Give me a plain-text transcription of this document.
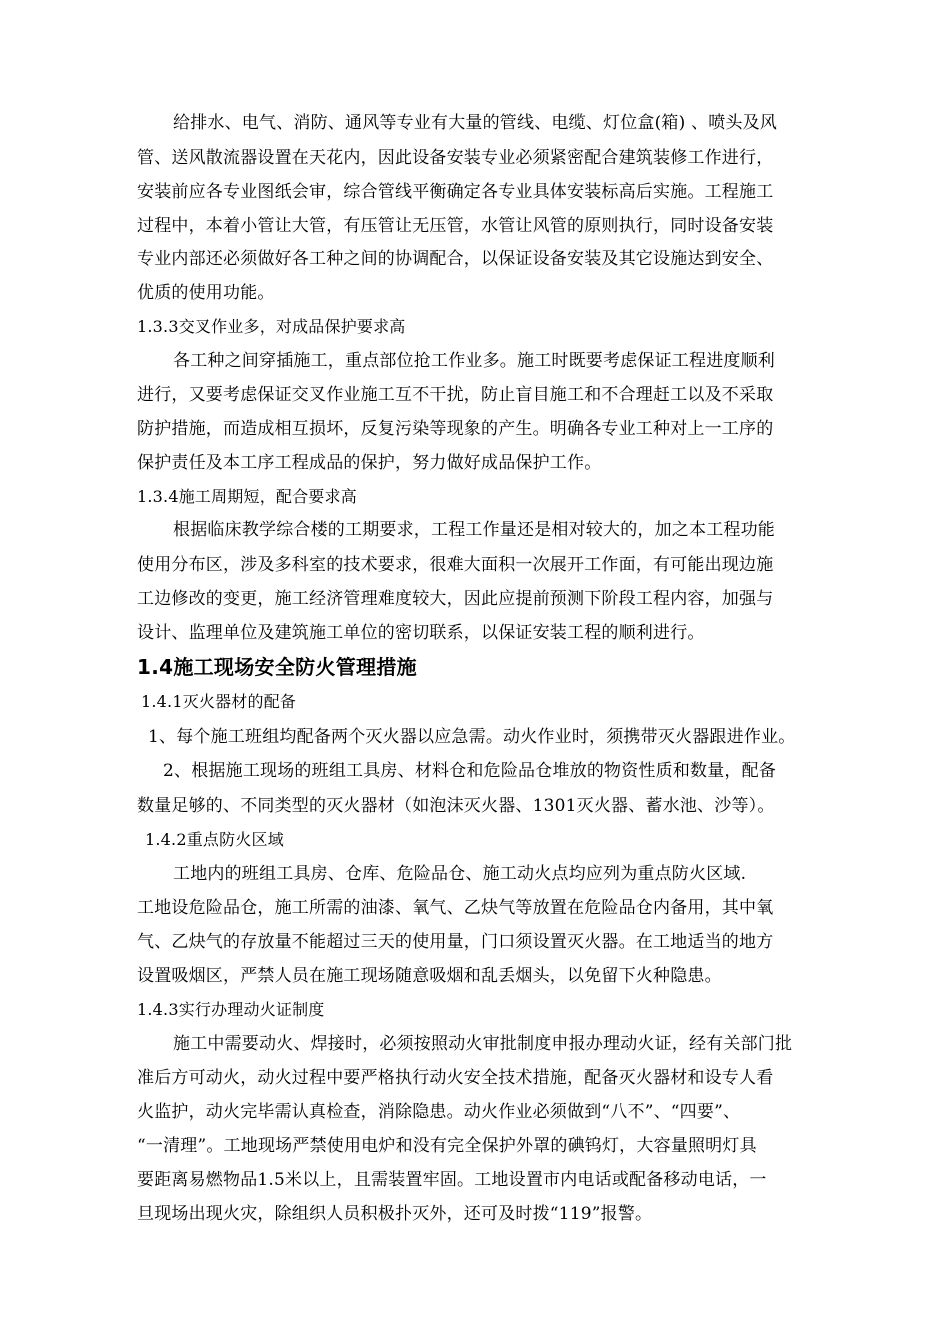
给排水、电气、消防、通风等专业有大量的管线、电缆、灯位盒(箱) 、喷头及风
管、送风散流器设置在天花内，因此设备安装专业必须紧密配合建筑装修工作进行，
安装前应各专业图纸会审，综合管线平衡确定各专业具体安装标高后实施。工程施工
过程中，本着小管让大管，有压管让无压管，水管让风管的原则执行，同时设备安装
专业内部还必须做好各工种之间的协调配合，以保证设备安装及其它设施达到安全、
优质的使用功能。
1.3.3交叉作业多，对成品保护要求高
各工种之间穿插施工，重点部位抢工作业多。施工时既要考虑保证工程进度顺利
进行，又要考虑保证交叉作业施工互不干扰，防止盲目施工和不合理赶工以及不采取
防护措施，而造成相互损坏，反复污染等现象的产生。明确各专业工种对上一工序的
保护责任及本工序工程成品的保护，努力做好成品保护工作。
1.3.4施工周期短，配合要求高
根据临床教学综合楼的工期要求，工程工作量还是相对较大的，加之本工程功能
使用分布区，涉及多科室的技术要求，很难大面积一次展开工作面，有可能出现边施
工边修改的变更，施工经济管理难度较大，因此应提前预测下阶段工程内容，加强与
设计、监理单位及建筑施工单位的密切联系，以保证安装工程的顺利进行。
1.4施工现场安全防火管理措施
1.4.1灭火器材的配备
1、每个施工班组均配备两个灭火器以应急需。动火作业时，须携带灭火器跟进作业。
2、根据施工现场的班组工具房、材料仓和危险品仓堆放的物资性质和数量，配备
数量足够的、不同类型的灭火器材（如泡沫灭火器、1301灭火器、蓄水池、沙等）。
1.4.2重点防火区域
工地内的班组工具房、仓库、危险品仓、施工动火点均应列为重点防火区域.
工地设危险品仓，施工所需的油漆、氧气、乙炔气等放置在危险品仓内备用，其中氧
气、乙炔气的存放量不能超过三天的使用量，门口须设置灭火器。在工地适当的地方
设置吸烟区，严禁人员在施工现场随意吸烟和乱丢烟头，以免留下火种隐患。
1.4.3实行办理动火证制度
施工中需要动火、焊接时，必须按照动火审批制度申报办理动火证，经有关部门批
准后方可动火，动火过程中要严格执行动火安全技术措施，配备灭火器材和设专人看
火监护，动火完毕需认真检查，消除隐患。动火作业必须做到“八不”、“四要”、
“一清理”。工地现场严禁使用电炉和没有完全保护外罩的碘钨灯，大容量照明灯具
要距离易燃物品1.5米以上，且需装置牢固。工地设置市内电话或配备移动电话，一
旦现场出现火灾，除组织人员积极扑灭外，还可及时拨“119”报警。
